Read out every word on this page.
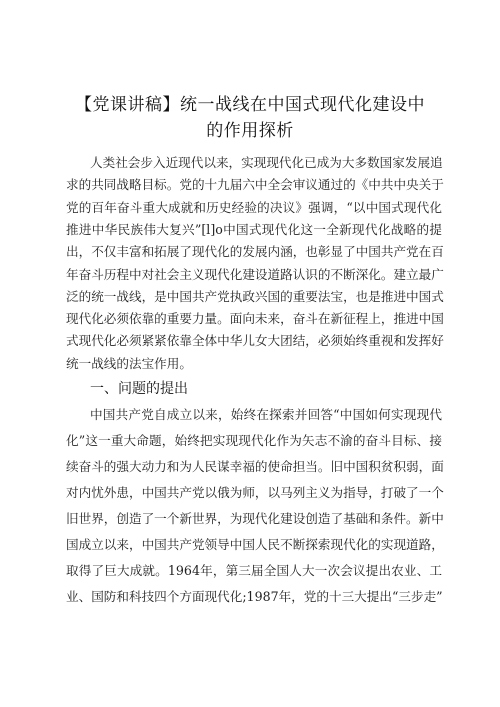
【党课讲稿】统一战线在中国式现代化建设中
的作用探析
人类社会步入近现代以来，实现现代化已成为大多数国家发展追
求的共同战略目标。党的十九届六中全会审议通过的《中共中央关于
党的百年奋斗重大成就和历史经验的决议》强调，“以中国式现代化
推进中华民族伟大复兴”[l]o中国式现代化这一全新现代化战略的提
出，不仅丰富和拓展了现代化的发展内涵，也彰显了中国共产党在百
年奋斗历程中对社会主义现代化建设道路认识的不断深化。建立最广
泛的统一战线，是中国共产党执政兴国的重要法宝，也是推进中国式
现代化必须依靠的重要力量。面向未来，奋斗在新征程上，推进中国
式现代化必须紧紧依靠全体中华儿女大团结，必须始终重视和发挥好
统一战线的法宝作用。
一、问题的提出
中国共产党自成立以来，始终在探索并回答“中国如何实现现代
化”这一重大命题，始终把实现现代化作为矢志不渝的奋斗目标、接
续奋斗的强大动力和为人民谋幸福的使命担当。旧中国积贫积弱，面
对内忧外患，中国共产党以俄为师，以马列主义为指导，打破了一个
旧世界，创造了一个新世界，为现代化建设创造了基础和条件。新中
国成立以来，中国共产党领导中国人民不断探索现代化的实现道路，
取得了巨大成就。1964年，第三届全国人大一次会议提出农业、工
业、国防和科技四个方面现代化;1987年，党的十三大提出“三步走”
